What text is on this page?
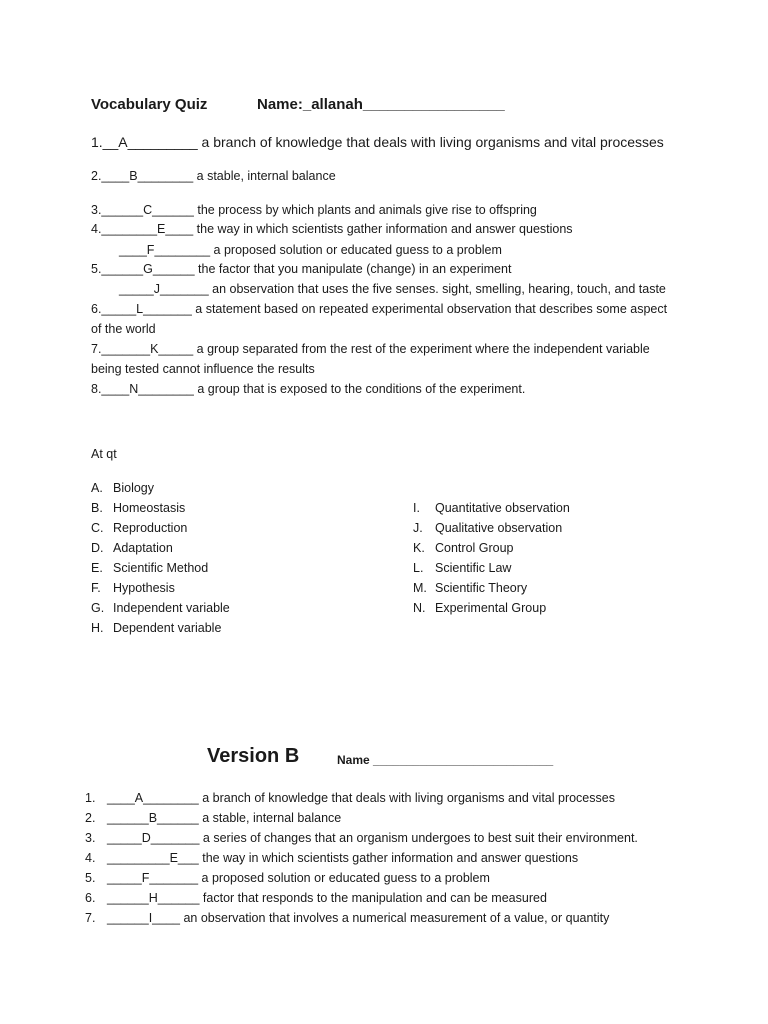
Vocabulary Quiz	Name:_allanah_________________
1.__A_________ a branch of knowledge that deals with living organisms and vital processes
2.____B________ a stable, internal balance
3.______C______ the process by which plants and animals give rise to offspring
4.________E____ the way in which scientists gather information and answer questions
____F________ a proposed solution or educated guess to a problem
5.______G______ the factor that you manipulate (change) in an experiment
_____J_______ an observation that uses the five senses. sight, smelling, hearing, touch, and taste
6._____L_______ a statement based on repeated experimental observation that describes some aspect
of the world
7._______K_____ a group separated from the rest of the experiment where the independent variable
being tested cannot influence the results
8.____N________ a group that is exposed to the conditions of the experiment.
At qt
A. Biology
B. Homeostasis
C. Reproduction
D. Adaptation
E. Scientific Method
F. Hypothesis
G. Independent variable
H. Dependent variable
I. Quantitative observation
J. Qualitative observation
K. Control Group
L. Scientific Law
M. Scientific Theory
N. Experimental Group
Version B	Name ___________________________
1. ____A________ a branch of knowledge that deals with living organisms and vital processes
2. ______B______ a stable, internal balance
3. _____D_______ a series of changes that an organism undergoes to best suit their environment.
4. _________E___ the way in which scientists gather information and answer questions
5. _____F_______ a proposed solution or educated guess to a problem
6. ______H______ factor that responds to the manipulation and can be measured
7. ______I____ an observation that involves a numerical measurement of a value, or quantity
